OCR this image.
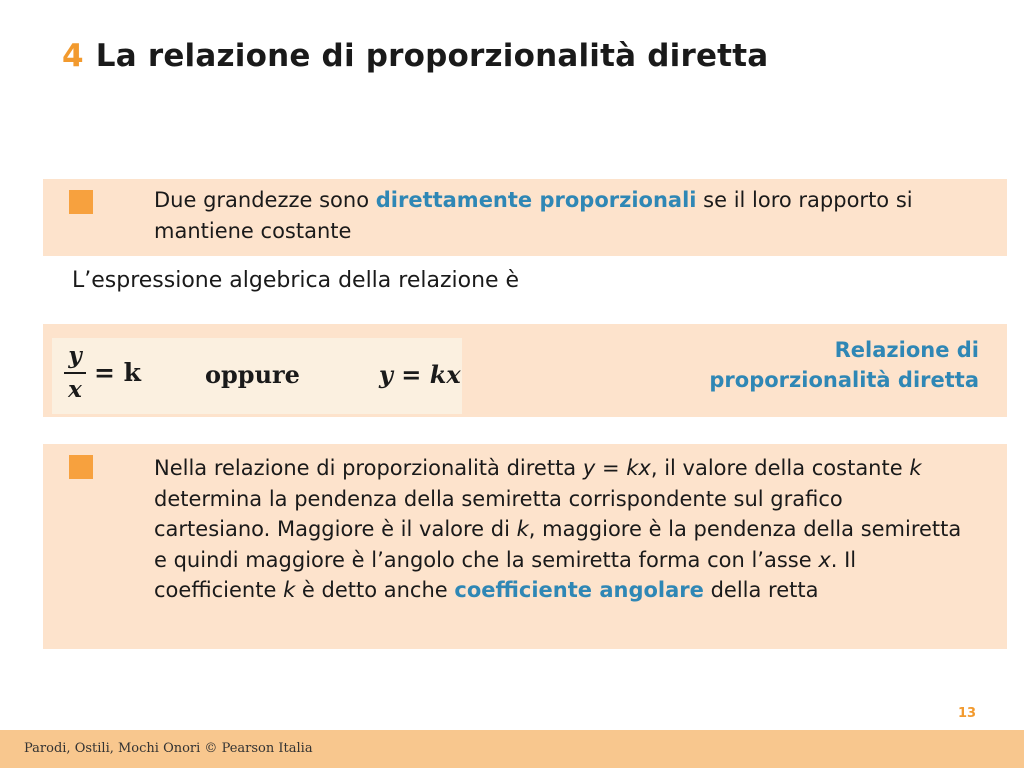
4 La relazione di proporzionalità diretta
Due grandezze sono direttamente proporzionali se il loro rapporto si mantiene costante
L’espressione algebrica della relazione è
y
x
= k	oppure	y = kx
Relazione di
proporzionalità diretta
Nella relazione di proporzionalità diretta y = kx, il valore della costante k determina la pendenza della semiretta corrispondente sul grafico cartesiano. Maggiore è il valore di k, maggiore è la pendenza della semiretta e quindi maggiore è l’angolo che la semiretta forma con l’asse x. Il coefficiente k è detto anche coefficiente angolare della retta
13
Parodi, Ostili, Mochi Onori © Pearson Italia
